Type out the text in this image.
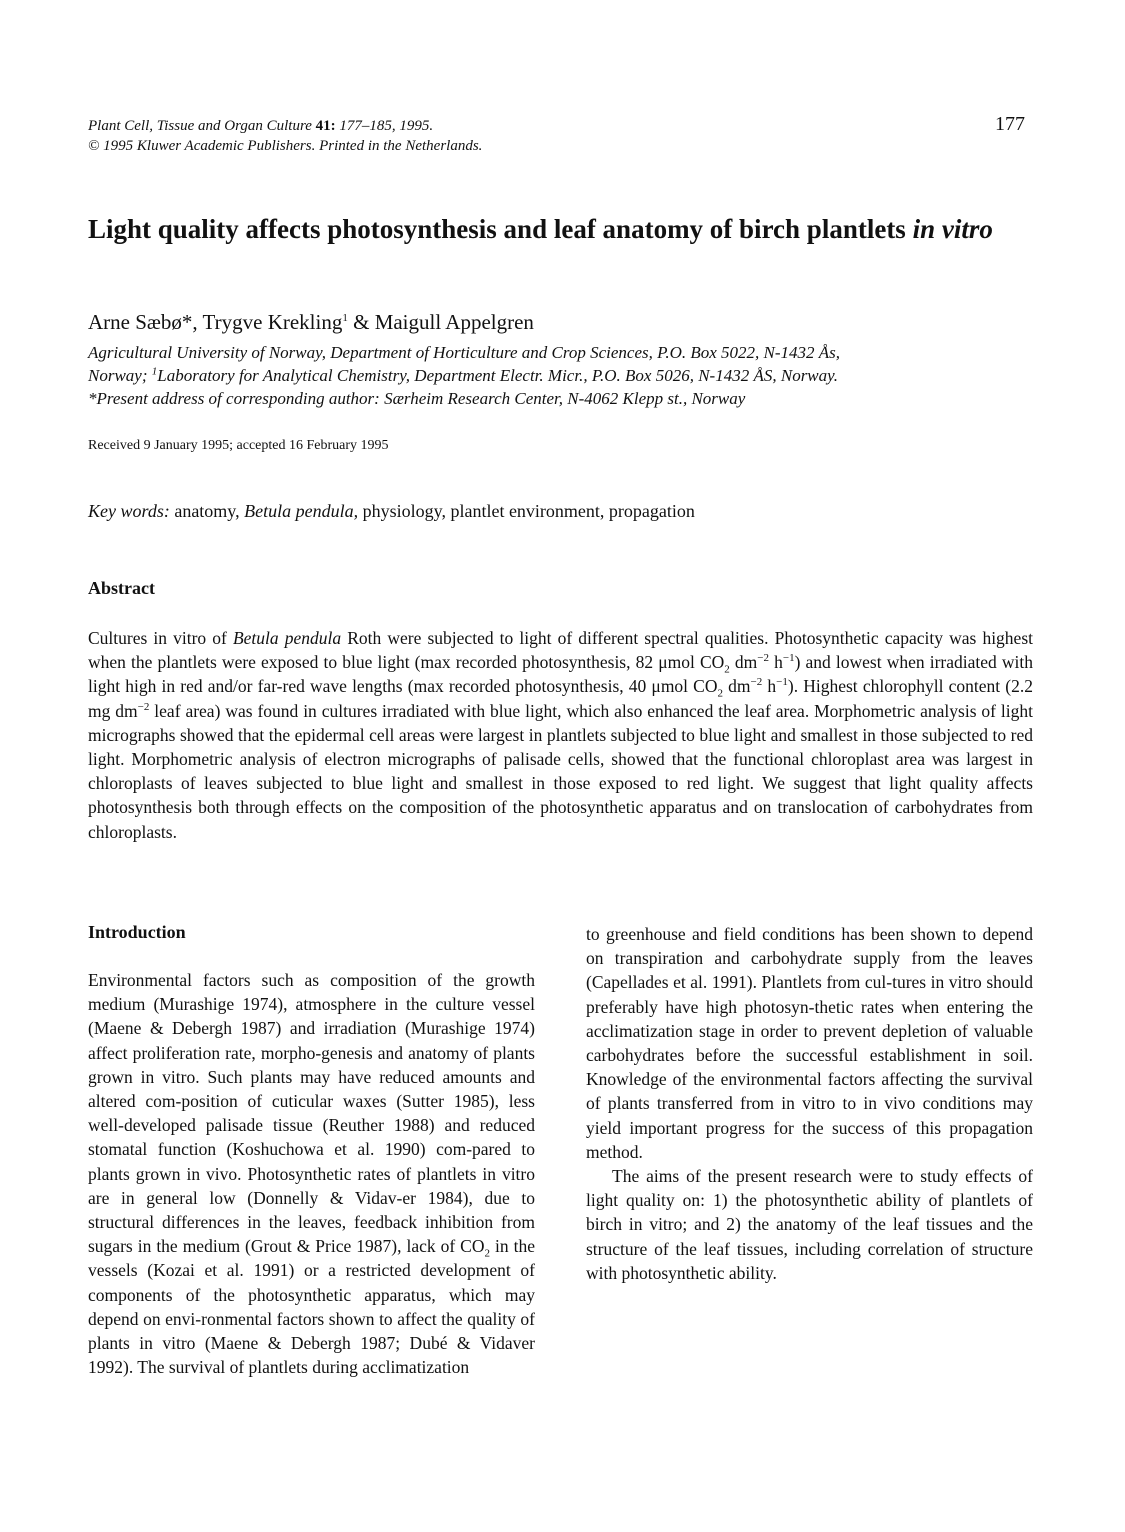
Plant Cell, Tissue and Organ Culture 41: 177–185, 1995.
© 1995 Kluwer Academic Publishers. Printed in the Netherlands.
177
Light quality affects photosynthesis and leaf anatomy of birch plantlets in vitro
Arne Sæbø*, Trygve Krekling$^1$ & Maigull Appelgren
Agricultural University of Norway, Department of Horticulture and Crop Sciences, P.O. Box 5022, N-1432 Ås,
Norway; $^1$Laboratory for Analytical Chemistry, Department Electr. Micr., P.O. Box 5026, N-1432 ÅS, Norway.
*Present address of corresponding author: Særheim Research Center, N-4062 Klepp st., Norway
Received 9 January 1995; accepted 16 February 1995
Key words: anatomy, Betula pendula, physiology, plantlet environment, propagation
Abstract
Cultures in vitro of Betula pendula Roth were subjected to light of different spectral qualities. Photosynthetic capacity was highest when the plantlets were exposed to blue light (max recorded photosynthesis, 82 μmol $CO_2$ $dm^{-2}$ $h^{-1}$) and lowest when irradiated with light high in red and/or far-red wave lengths (max recorded photosynthesis, 40 μmol $CO_2$ $dm^{-2}$ $h^{-1}$). Highest chlorophyll content (2.2 mg $dm^{-2}$ leaf area) was found in cultures irradiated with blue light, which also enhanced the leaf area. Morphometric analysis of light micrographs showed that the epidermal cell areas were largest in plantlets subjected to blue light and smallest in those subjected to red light. Morphometric analysis of electron micrographs of palisade cells, showed that the functional chloroplast area was largest in chloroplasts of leaves subjected to blue light and smallest in those exposed to red light. We suggest that light quality affects photosynthesis both through effects on the composition of the photosynthetic apparatus and on translocation of carbohydrates from chloroplasts.
Introduction
Environmental factors such as composition of the growth medium (Murashige 1974), atmosphere in the culture vessel (Maene & Debergh 1987) and irradiation (Murashige 1974) affect proliferation rate, morpho-genesis and anatomy of plants grown in vitro. Such plants may have reduced amounts and altered com-position of cuticular waxes (Sutter 1985), less well-developed palisade tissue (Reuther 1988) and reduced stomatal function (Koshuchowa et al. 1990) com-pared to plants grown in vivo. Photosynthetic rates of plantlets in vitro are in general low (Donnelly & Vidav-er 1984), due to structural differences in the leaves, feedback inhibition from sugars in the medium (Grout & Price 1987), lack of $CO_2$ in the vessels (Kozai et al. 1991) or a restricted development of components of the photosynthetic apparatus, which may depend on envi-ronmental factors shown to affect the quality of plants in vitro (Maene & Debergh 1987; Dubé & Vidaver 1992). The survival of plantlets during acclimatization

to greenhouse and field conditions has been shown to depend on transpiration and carbohydrate supply from the leaves (Capellades et al. 1991). Plantlets from cul-tures in vitro should preferably have high photosyn-thetic rates when entering the acclimatization stage in order to prevent depletion of valuable carbohydrates before the successful establishment in soil. Knowledge of the environmental factors affecting the survival of plants transferred from in vitro to in vivo conditions may yield important progress for the success of this propagation method.

The aims of the present research were to study effects of light quality on: 1) the photosynthetic ability of plantlets of birch in vitro; and 2) the anatomy of the leaf tissues and the structure of the leaf tissues, including correlation of structure with photosynthetic ability.
